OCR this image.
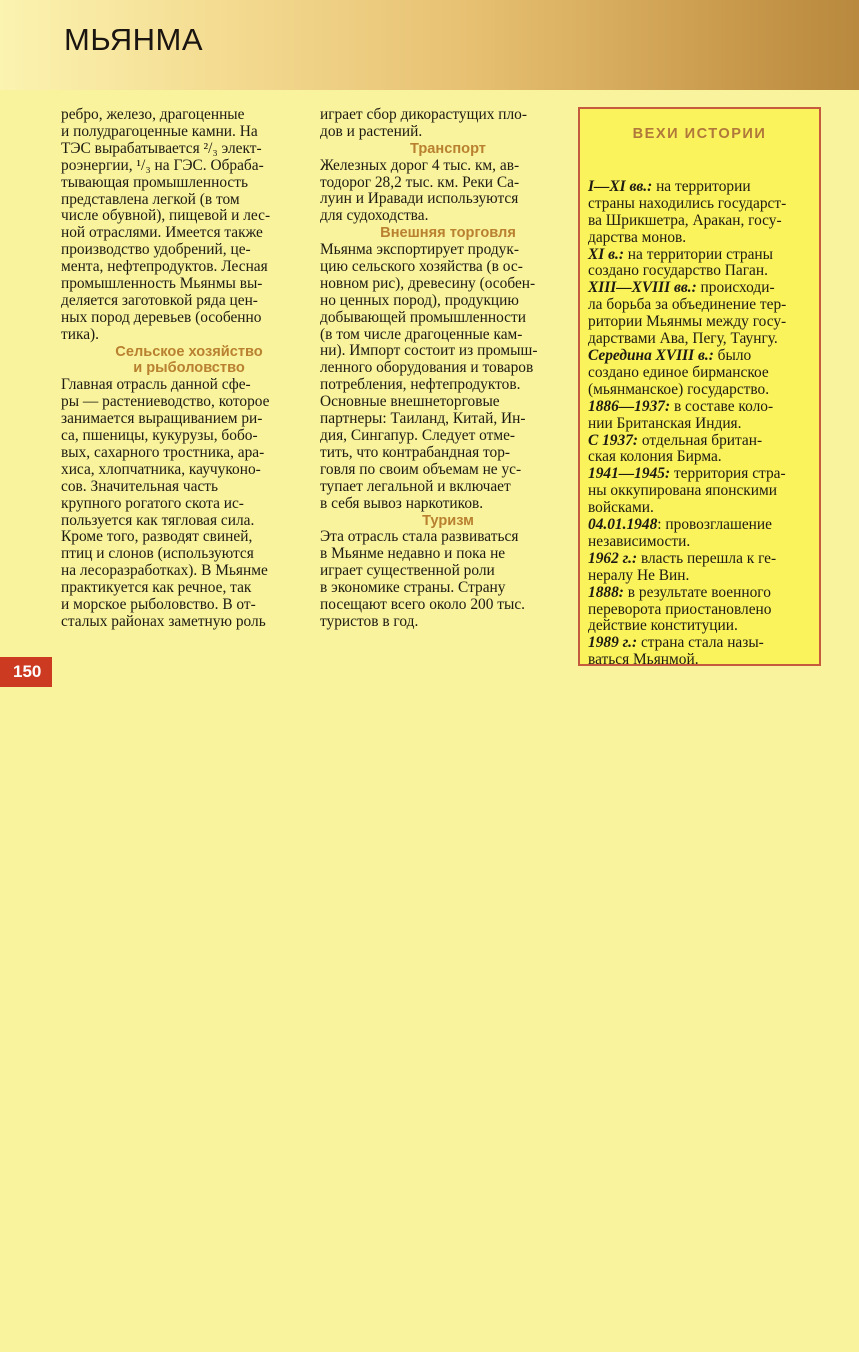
МЬЯНМА

ребро, железо, драгоценные
и полудрагоценные камни. На
ТЭС вырабатывается ²/₃ элект-
роэнергии, ¹/₃ на ГЭС. Обраба-
тывающая промышленность
представлена легкой (в том
числе обувной), пищевой и лес-
ной отраслями. Имеется также
производство удобрений, це-
мента, нефтепродуктов. Лесная
промышленность Мьянмы вы-
деляется заготовкой ряда цен-
ных пород деревьев (особенно
тика).

Сельское хозяйство
и рыболовство

Главная отрасль данной сфе-
ры — растениеводство, которое
занимается выращиванием ри-
са, пшеницы, кукурузы, бобо-
вых, сахарного тростника, ара-
хиса, хлопчатника, каучуконо-
сов. Значительная часть
крупного рогатого скота ис-
пользуется как тягловая сила.
Кроме того, разводят свиней,
птиц и слонов (используются
на лесоразработках). В Мьянме
практикуется как речное, так
и морское рыболовство. В от-
сталых районах заметную роль

играет сбор дикорастущих пло-
дов и растений.

Транспорт

Железных дорог 4 тыс. км, ав-
тодорог 28,2 тыс. км. Реки Са-
луин и Иравади используются
для судоходства.

Внешняя торговля

Мьянма экспортирует продук-
цию сельского хозяйства (в ос-
новном рис), древесину (особен-
но ценных пород), продукцию
добывающей промышленности
(в том числе драгоценные кам-
ни). Импорт состоит из промыш-
ленного оборудования и товаров
потребления, нефтепродуктов.
Основные внешнеторговые
партнеры: Таиланд, Китай, Ин-
дия, Сингапур. Следует отме-
тить, что контрабандная тор-
говля по своим объемам не ус-
тупает легальной и включает
в себя вывоз наркотиков.

Туризм

Эта отрасль стала развиваться
в Мьянме недавно и пока не
играет существенной роли
в экономике страны. Страну
посещают всего около 200 тыс.
туристов в год.

ВЕХИ ИСТОРИИ

I—XI вв.: на территории
страны находились государст-
ва Шрикшетра, Аракан, госу-
дарства монов.
XI в.: на территории страны
создано государство Паган.
XIII—XVIII вв.: происходи-
ла борьба за объединение тер-
ритории Мьянмы между госу-
дарствами Ава, Пегу, Таунгу.
Середина XVIII в.: было
создано единое бирманское
(мьянманское) государство.
1886—1937: в составе коло-
нии Британская Индия.
С 1937: отдельная британ-
ская колония Бирма.
1941—1945: территория стра-
ны оккупирована японскими
войсками.
04.01.1948: провозглашение
независимости.
1962 г.: власть перешла к ге-
нералу Не Вин.
1888: в результате военного
переворота приостановлено
действие конституции.
1989 г.: страна стала назы-
ваться Мьянмой.

150
